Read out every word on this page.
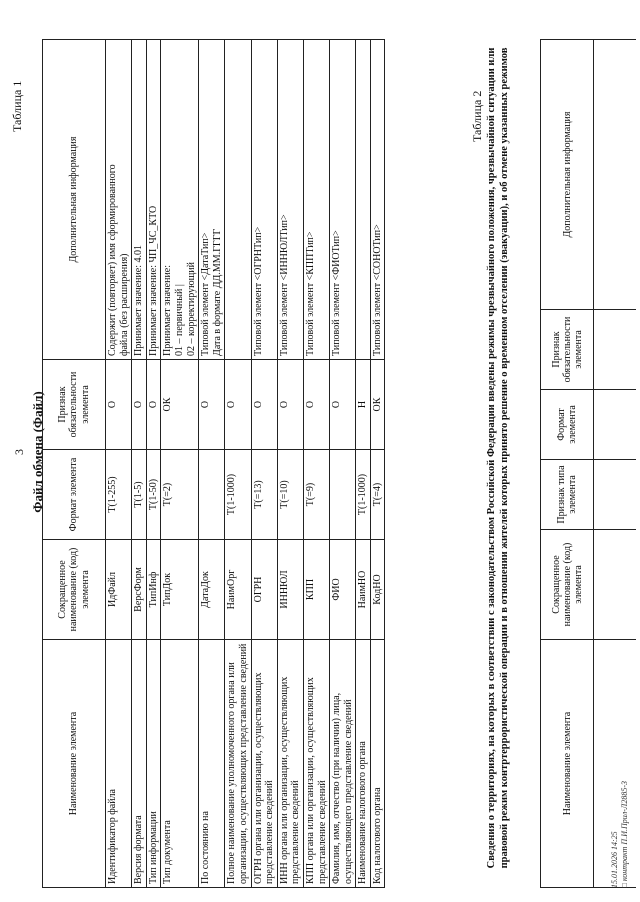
3
Таблица 1
Файл обмена (Файл)
Наименование элемента	Сокращенное наименование (код) элемента	Формат элемента	Признак обязательности элемента	Дополнительная информация
Идентификатор файла	ИдФайл	T(1-255)	О	Содержит (повторяет) имя сформированного файла (без расширения)

Версия формата	ВерсФорм	T(1-5)	О	Принимает значение: 4.01

Тип информации	ТипИнф	T(1-50)	О	Принимает значение: ЧП_ЧС_КТО

Тип документа	ТипДок	T(=2)	ОК	Принимает значение: 01 – первичный | 02 – корректирующий

По состоянию на	ДатаДок		О	Типовой элемент <ДатаТип> Дата в формате ДД.ММ.ГГГГ

Полное наименование уполномоченного органа или организации, осуществляющих представление сведений	НаимОрг	T(1-1000)	О	
ОГРН органа или организации, осуществляющих представление сведений	ОГРН	T(=13)	О	Типовой элемент <ОГРНТип>

ИНН органа или организации, осуществляющих представление сведений	ИННЮЛ	T(=10)	О	Типовой элемент <ИННЮЛТип>

КПП органа или организации, осуществляющих представление сведений	КПП	T(=9)	О	Типовой элемент <КППТип>

Фамилия, имя, отчество (при наличии) лица, осуществляющего представление сведений	ФИО		О	Типовой элемент <ФИОТип>

Наименование налогового органа	НаимНО	T(1-1000)	Н	
Код налогового органа	КодНО	T(=4)	ОК	Типовой элемент <СОНОТип>
Таблица 2 Сведения о территориях, на которых в соответствии с законодательством Российской Федерации введены режимы чрезвычайного положения, чрезвычайной ситуации или правовой режим контртеррористической операции и в отношении жителей которых принято решение о временном отселении (эвакуации), и об отмене указанных режимов	Наименование элемента	Сокращенное наименование (код) элемента	Признак типа элемента	Формат элемента	Признак обязательности элемента	Дополнительная информация

15.01.2026 14:25 □ контракт П.И.Прил-Л2885-3
